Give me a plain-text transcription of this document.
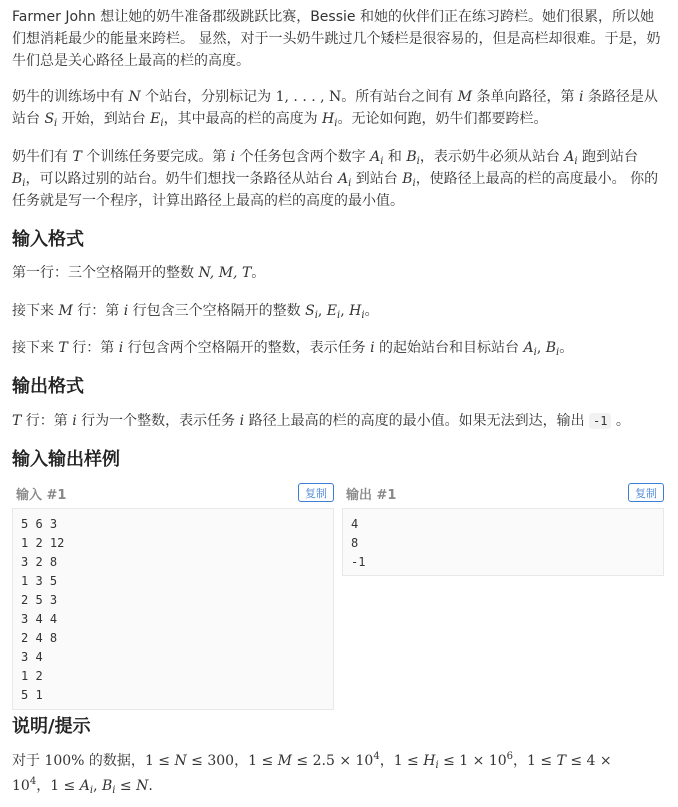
Farmer John 想让她的奶牛准备郡级跳跃比赛，Bessie 和她的伙伴们正在练习跨栏。她们很累，所以她们想消耗最少的能量来跨栏。 显然，对于一头奶牛跳过几个矮栏是很容易的，但是高栏却很难。于是，奶牛们总是关心路径上最高的栏的高度。

奶牛的训练场中有 N 个站台，分别标记为 1, . . . , N。所有站台之间有 M 条单向路径，第 i 条路径是从站台 $S_i$ 开始，到站台 $E_i$，其中最高的栏的高度为 $H_i$。无论如何跑，奶牛们都要跨栏。

奶牛们有 T 个训练任务要完成。第 i 个任务包含两个数字 $A_i$ 和 $B_i$，表示奶牛必须从站台 $A_i$ 跑到站台 $B_i$，可以路过别的站台。奶牛们想找一条路径从站台 $A_i$ 到站台 $B_i$，使路径上最高的栏的高度最小。 你的任务就是写一个程序，计算出路径上最高的栏的高度的最小值。

输入格式

第一行：三个空格隔开的整数 N, M, T。

接下来 M 行：第 i 行包含三个空格隔开的整数 $S_i$, $E_i$, $H_i$。

接下来 T 行：第 i 行包含两个空格隔开的整数，表示任务 i 的起始站台和目标站台 $A_i$, $B_i$。

输出格式

T 行：第 i 行为一个整数，表示任务 i 路径上最高的栏的高度的最小值。如果无法到达，输出 -1 。

输入输出样例
输入 #1	复制
5 6 3
1 2 12
3 2 8
1 3 5
2 5 3
3 4 4
2 4 8
3 4
1 2
5 1
输出 #1	复制
4
8
-1
说明/提示

对于 100% 的数据，1 ≤ N ≤ 300，$1 \le M \le 2.5 \times 10^4$，$1 \le H_i \le 1 \times 10^6$，1 ≤ T ≤ 4 ×

$10^4$，$1 \le A_i$, $B_i \le N$.
